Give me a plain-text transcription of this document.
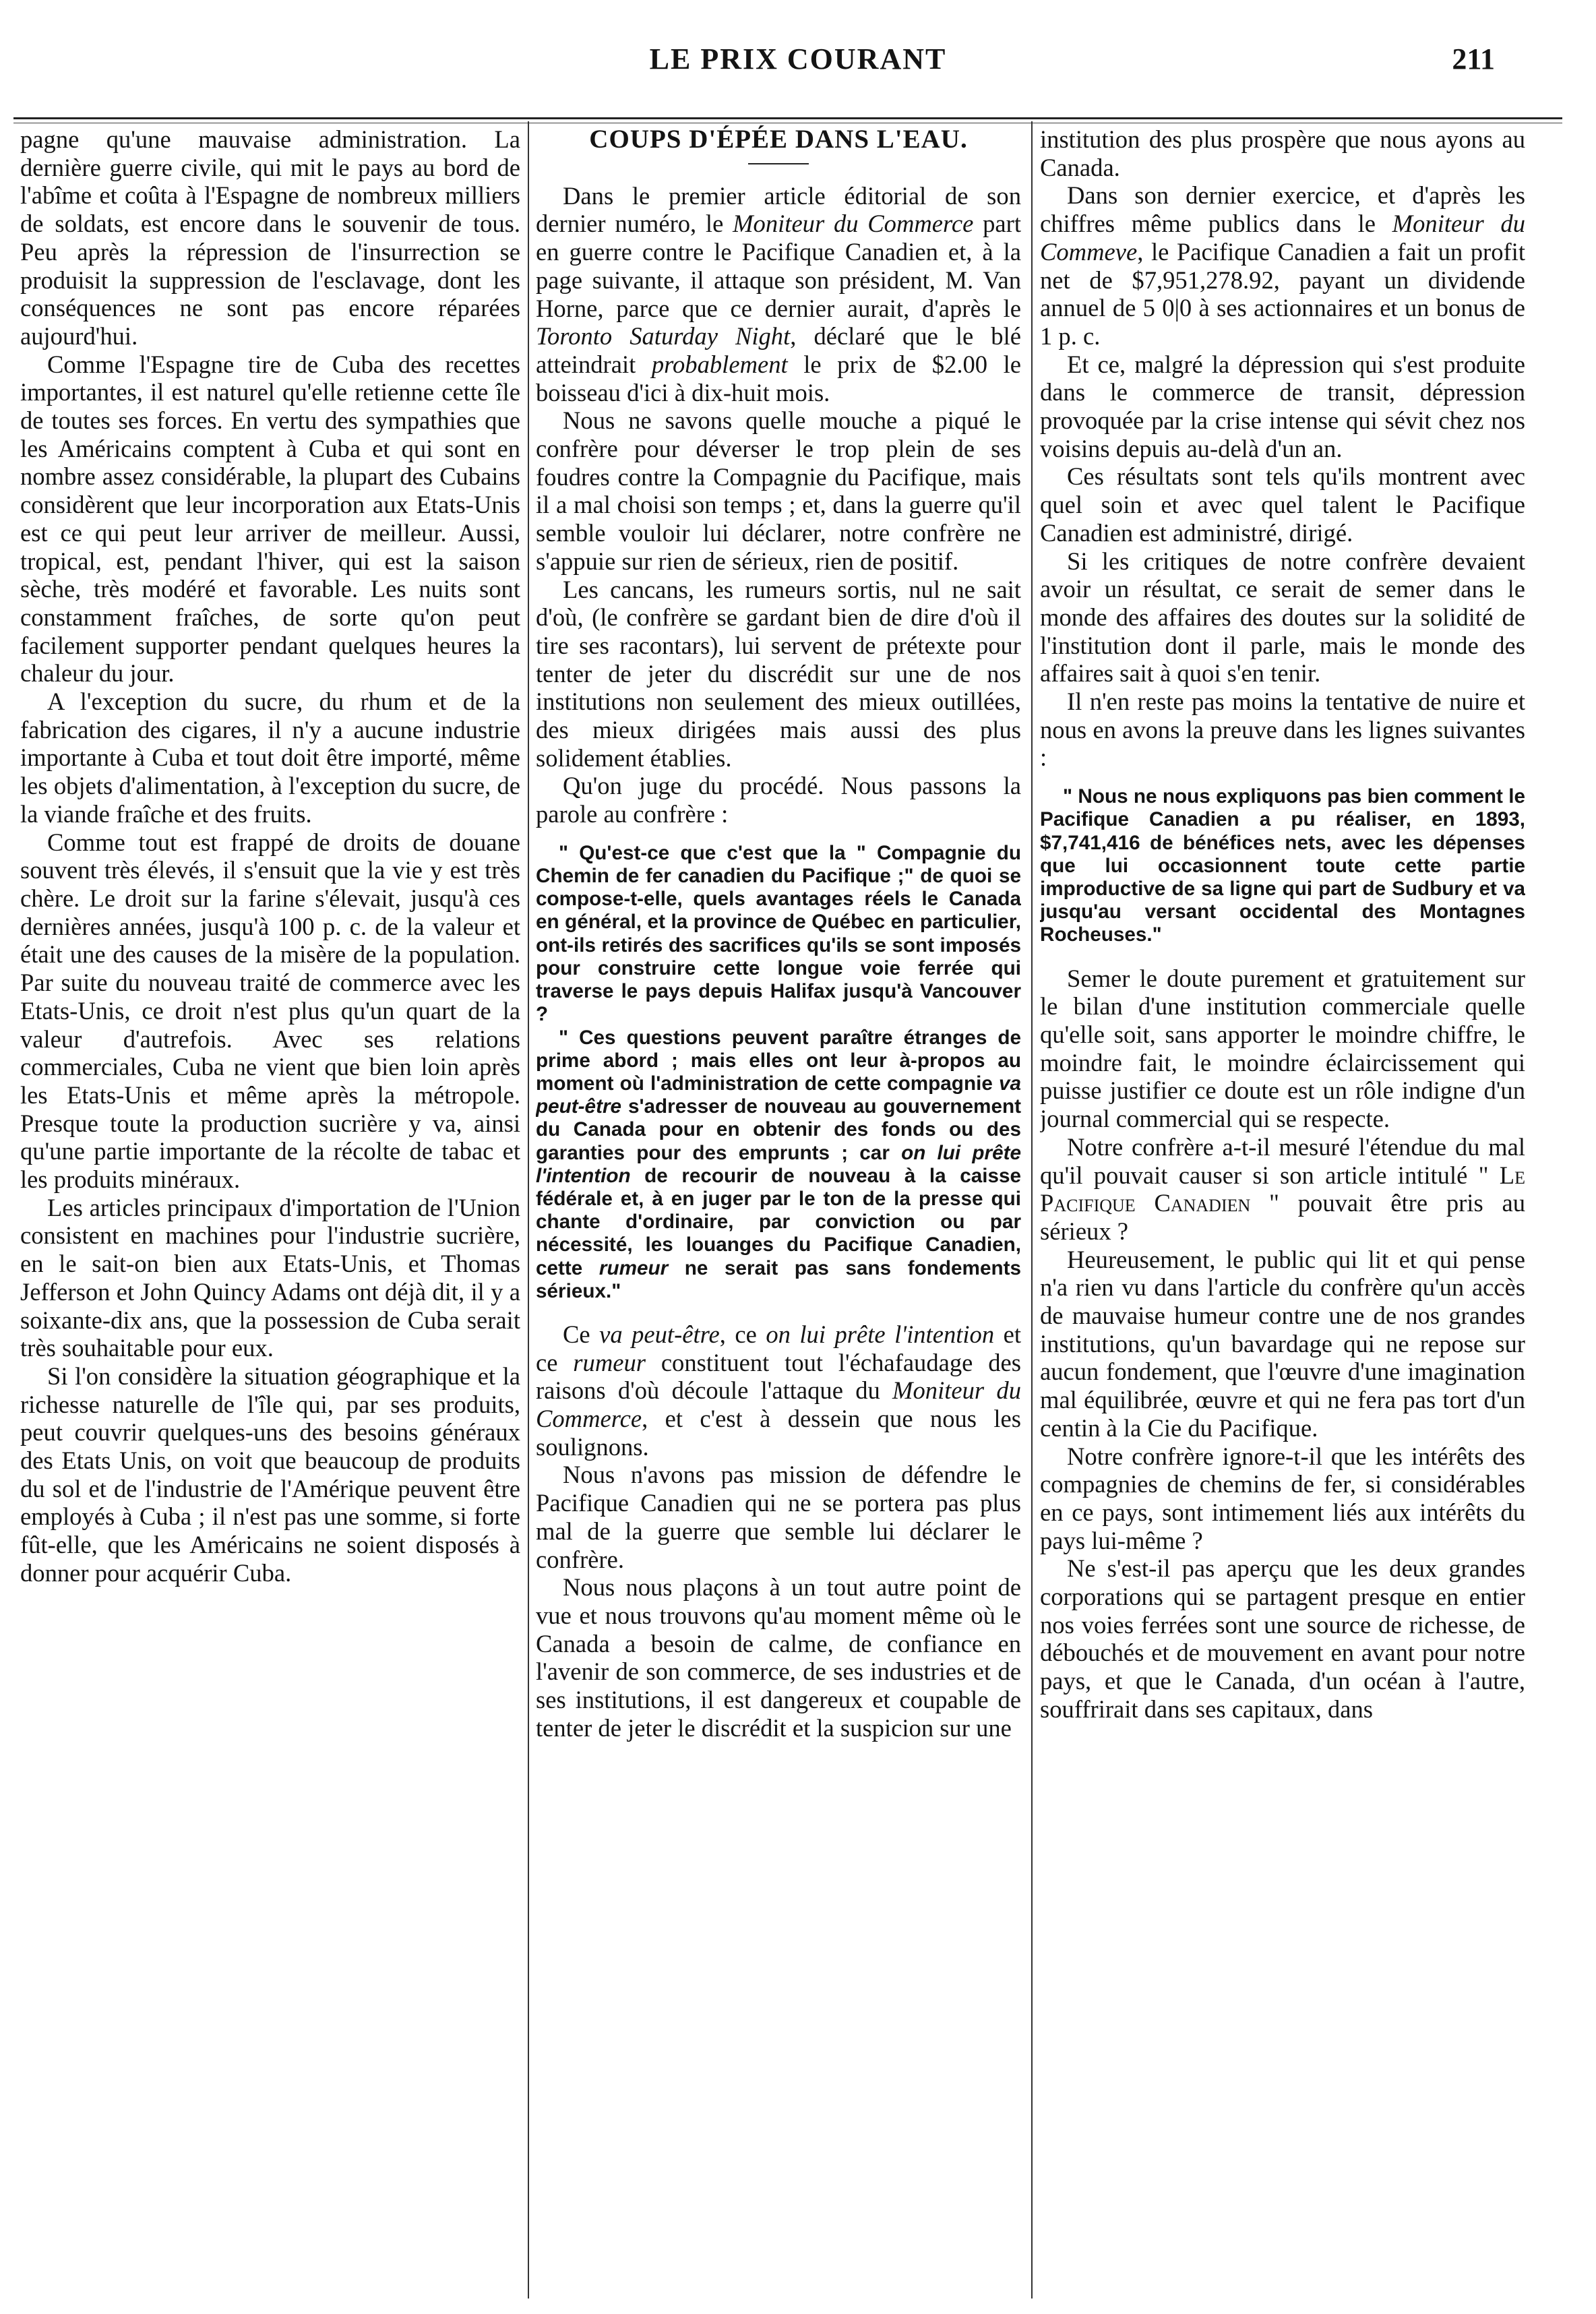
LE PRIX COURANT	211

pagne qu'une mauvaise administration. La dernière guerre civile, qui mit le pays au bord de l'abîme et coûta à l'Espagne de nombreux milliers de soldats, est encore dans le souvenir de tous. Peu après la répression de l'insurrection se produisit la suppression de l'esclavage, dont les conséquences ne sont pas encore réparées aujourd'hui.

Comme l'Espagne tire de Cuba des recettes importantes, il est naturel qu'elle retienne cette île de toutes ses forces. En vertu des sympathies que les Américains comptent à Cuba et qui sont en nombre assez considérable, la plupart des Cubains considèrent que leur incorporation aux Etats-Unis est ce qui peut leur arriver de meilleur. Aussi, tropical, est, pendant l'hiver, qui est la saison sèche, très modéré et favorable. Les nuits sont constamment fraîches, de sorte qu'on peut facilement supporter pendant quelques heures la chaleur du jour.

A l'exception du sucre, du rhum et de la fabrication des cigares, il n'y a aucune industrie importante à Cuba et tout doit être importé, même les objets d'alimentation, à l'exception du sucre, de la viande fraîche et des fruits.

Comme tout est frappé de droits de douane souvent très élevés, il s'ensuit que la vie y est très chère. Le droit sur la farine s'élevait, jusqu'à ces dernières années, jusqu'à 100 p. c. de la valeur et était une des causes de la misère de la population. Par suite du nouveau traité de commerce avec les Etats-Unis, ce droit n'est plus qu'un quart de la valeur d'autrefois. Avec ses relations commerciales, Cuba ne vient que bien loin après les Etats-Unis et même après la métropole. Presque toute la production sucrière y va, ainsi qu'une partie importante de la récolte de tabac et les produits minéraux.

Les articles principaux d'importation de l'Union consistent en machines pour l'industrie sucrière, en le sait-on bien aux Etats-Unis, et Thomas Jefferson et John Quincy Adams ont déjà dit, il y a soixante-dix ans, que la possession de Cuba serait très souhaitable pour eux.

Si l'on considère la situation géographique et la richesse naturelle de l'île qui, par ses produits, peut couvrir quelques-uns des besoins généraux des Etats Unis, on voit que beaucoup de produits du sol et de l'industrie de l'Amérique peuvent être employés à Cuba ; il n'est pas une somme, si forte fût-elle, que les Américains ne soient disposés à donner pour acquérir Cuba.

COUPS D'ÉPÉE DANS L'EAU.

Dans le premier article éditorial de son dernier numéro, le Moniteur du Commerce part en guerre contre le Pacifique Canadien et, à la page suivante, il attaque son président, M. Van Horne, parce que ce dernier aurait, d'après le Toronto Saturday Night, déclaré que le blé atteindrait probablement le prix de $2.00 le boisseau d'ici à dix-huit mois.

Nous ne savons quelle mouche a piqué le confrère pour déverser le trop plein de ses foudres contre la Compagnie du Pacifique, mais il a mal choisi son temps ; et, dans la guerre qu'il semble vouloir lui déclarer, notre confrère ne s'appuie sur rien de sérieux, rien de positif.

Les cancans, les rumeurs sortis, nul ne sait d'où, (le confrère se gardant bien de dire d'où il tire ses racontars), lui servent de prétexte pour tenter de jeter du discrédit sur une de nos institutions non seulement des mieux outillées, des mieux dirigées mais aussi des plus solidement établies.

Qu'on juge du procédé. Nous passons la parole au confrère :

" Qu'est-ce que c'est que la " Compagnie du Chemin de fer canadien du Pacifique ;" de quoi se compose-t-elle, quels avantages réels le Canada en général, et la province de Québec en particulier, ont-ils retirés des sacrifices qu'ils se sont imposés pour construire cette longue voie ferrée qui traverse le pays depuis Halifax jusqu'à Vancouver ?

" Ces questions peuvent paraître étranges de prime abord ; mais elles ont leur à-propos au moment où l'administration de cette compagnie va peut-être s'adresser de nouveau au gouvernement du Canada pour en obtenir des fonds ou des garanties pour des emprunts ; car on lui prête l'intention de recourir de nouveau à la caisse fédérale et, à en juger par le ton de la presse qui chante d'ordinaire, par conviction ou par nécessité, les louanges du Pacifique Canadien, cette rumeur ne serait pas sans fondements sérieux."

Ce va peut-être, ce on lui prête l'intention et ce rumeur constituent tout l'échafaudage des raisons d'où découle l'attaque du Moniteur du Commerce, et c'est à dessein que nous les soulignons.

Nous n'avons pas mission de défendre le Pacifique Canadien qui ne se portera pas plus mal de la guerre que semble lui déclarer le confrère.

Nous nous plaçons à un tout autre point de vue et nous trouvons qu'au moment même où le Canada a besoin de calme, de confiance en l'avenir de son commerce, de ses industries et de ses institutions, il est dangereux et coupable de tenter de jeter le discrédit et la suspicion sur une

institution des plus prospère que nous ayons au Canada.

Dans son dernier exercice, et d'après les chiffres même publics dans le Moniteur du Commeve, le Pacifique Canadien a fait un profit net de $7,951,278.92, payant un dividende annuel de 5 0|0 à ses actionnaires et un bonus de 1 p. c.

Et ce, malgré la dépression qui s'est produite dans le commerce de transit, dépression provoquée par la crise intense qui sévit chez nos voisins depuis au-delà d'un an.

Ces résultats sont tels qu'ils montrent avec quel soin et avec quel talent le Pacifique Canadien est administré, dirigé.

Si les critiques de notre confrère devaient avoir un résultat, ce serait de semer dans le monde des affaires des doutes sur la solidité de l'institution dont il parle, mais le monde des affaires sait à quoi s'en tenir.

Il n'en reste pas moins la tentative de nuire et nous en avons la preuve dans les lignes suivantes :

" Nous ne nous expliquons pas bien comment le Pacifique Canadien a pu réaliser, en 1893, $7,741,416 de bénéfices nets, avec les dépenses que lui occasionnent toute cette partie improductive de sa ligne qui part de Sudbury et va jusqu'au versant occidental des Montagnes Rocheuses."

Semer le doute purement et gratuitement sur le bilan d'une institution commerciale quelle qu'elle soit, sans apporter le moindre chiffre, le moindre fait, le moindre éclaircissement qui puisse justifier ce doute est un rôle indigne d'un journal commercial qui se respecte.

Notre confrère a-t-il mesuré l'étendue du mal qu'il pouvait causer si son article intitulé " Le Pacifique Canadien " pouvait être pris au sérieux ?

Heureusement, le public qui lit et qui pense n'a rien vu dans l'article du confrère qu'un accès de mauvaise humeur contre une de nos grandes institutions, qu'un bavardage qui ne repose sur aucun fondement, que l'œuvre d'une imagination mal équilibrée, œuvre et qui ne fera pas tort d'un centin à la Cie du Pacifique.

Notre confrère ignore-t-il que les intérêts des compagnies de chemins de fer, si considérables en ce pays, sont intimement liés aux intérêts du pays lui-même ?

Ne s'est-il pas aperçu que les deux grandes corporations qui se partagent presque en entier nos voies ferrées sont une source de richesse, de débouchés et de mouvement en avant pour notre pays, et que le Canada, d'un océan à l'autre, souffrirait dans ses capitaux, dans
